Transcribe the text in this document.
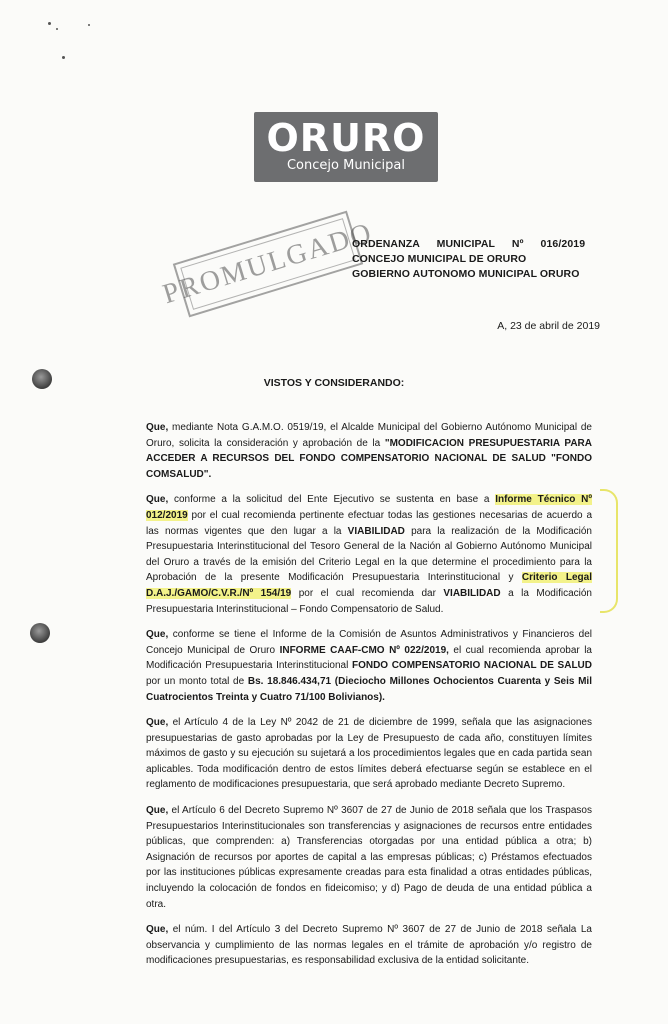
ORURO
Concejo Municipal
PROMULGADO
ORDENANZA MUNICIPAL Nº 016/2019
CONCEJO MUNICIPAL DE ORURO
GOBIERNO AUTONOMO MUNICIPAL ORURO
A, 23 de abril de 2019
VISTOS Y CONSIDERANDO:

Que, mediante Nota G.A.M.O. 0519/19, el Alcalde Municipal del Gobierno Autónomo Municipal de Oruro, solicita la consideración y aprobación de la "MODIFICACION PRESUPUESTARIA PARA ACCEDER A RECURSOS DEL FONDO COMPENSATORIO NACIONAL DE SALUD "FONDO COMSALUD".

Que, conforme a la solicitud del Ente Ejecutivo se sustenta en base a Informe Técnico Nº 012/2019 por el cual recomienda pertinente efectuar todas las gestiones necesarias de acuerdo a las normas vigentes que den lugar a la VIABILIDAD para la realización de la Modificación Presupuestaria Interinstitucional del Tesoro General de la Nación al Gobierno Autónomo Municipal del Oruro a través de la emisión del Criterio Legal en la que determine el procedimiento para la Aprobación de la presente Modificación Presupuestaria Interinstitucional y Criterio Legal D.A.J./GAMO/C.V.R./Nº 154/19 por el cual recomienda dar VIABILIDAD a la Modificación Presupuestaria Interinstitucional – Fondo Compensatorio de Salud.

Que, conforme se tiene el Informe de la Comisión de Asuntos Administrativos y Financieros del Concejo Municipal de Oruro INFORME CAAF-CMO Nº 022/2019, el cual recomienda aprobar la Modificación Presupuestaria Interinstitucional FONDO COMPENSATORIO NACIONAL DE SALUD por un monto total de Bs. 18.846.434,71 (Dieciocho Millones Ochocientos Cuarenta y Seis Mil Cuatrocientos Treinta y Cuatro 71/100 Bolivianos).

Que, el Artículo 4 de la Ley Nº 2042 de 21 de diciembre de 1999, señala que las asignaciones presupuestarias de gasto aprobadas por la Ley de Presupuesto de cada año, constituyen límites máximos de gasto y su ejecución su sujetará a los procedimientos legales que en cada partida sean aplicables. Toda modificación dentro de estos límites deberá efectuarse según se establece en el reglamento de modificaciones presupuestaria, que será aprobado mediante Decreto Supremo.

Que, el Artículo 6 del Decreto Supremo Nº 3607 de 27 de Junio de 2018 señala que los Traspasos Presupuestarios Interinstitucionales son transferencias y asignaciones de recursos entre entidades públicas, que comprenden: a) Transferencias otorgadas por una entidad pública a otra; b) Asignación de recursos por aportes de capital a las empresas públicas; c) Préstamos efectuados por las instituciones públicas expresamente creadas para esta finalidad a otras entidades públicas, incluyendo la colocación de fondos en fideicomiso; y d) Pago de deuda de una entidad pública a otra.

Que, el núm. I del Artículo 3 del Decreto Supremo Nº 3607 de 27 de Junio de 2018 señala La observancia y cumplimiento de las normas legales en el trámite de aprobación y/o registro de modificaciones presupuestarias, es responsabilidad exclusiva de la entidad solicitante.
